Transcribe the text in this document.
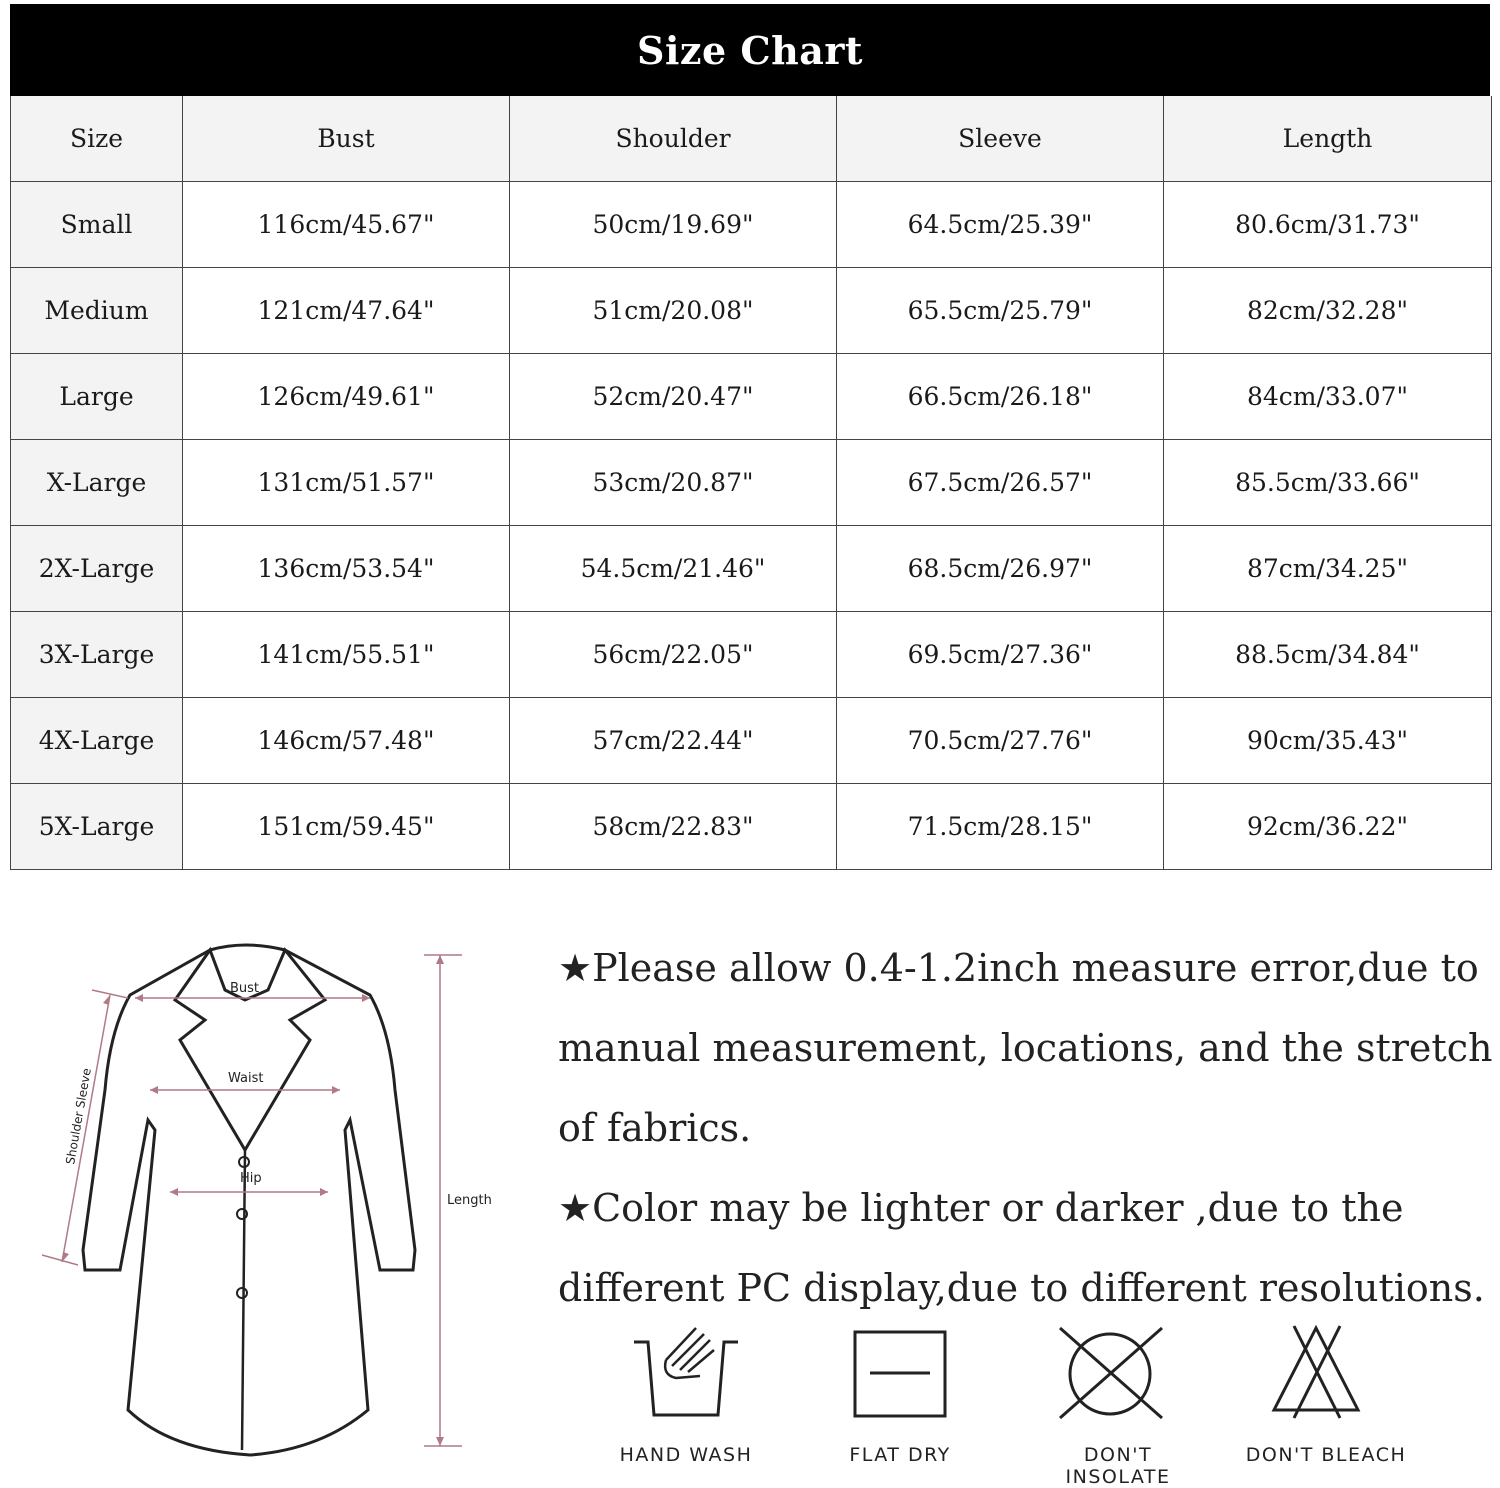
Size Chart
Size	Bust	Shoulder	Sleeve	Length
Small	116cm/45.67"	50cm/19.69"	64.5cm/25.39"	80.6cm/31.73"
Medium	121cm/47.64"	51cm/20.08"	65.5cm/25.79"	82cm/32.28"
Large	126cm/49.61"	52cm/20.47"	66.5cm/26.18"	84cm/33.07"
X-Large	131cm/51.57"	53cm/20.87"	67.5cm/26.57"	85.5cm/33.66"
2X-Large	136cm/53.54"	54.5cm/21.46"	68.5cm/26.97"	87cm/34.25"
3X-Large	141cm/55.51"	56cm/22.05"	69.5cm/27.36"	88.5cm/34.84"
4X-Large	146cm/57.48"	57cm/22.44"	70.5cm/27.76"	90cm/35.43"
5X-Large	151cm/59.45"	58cm/22.83"	71.5cm/28.15"	92cm/36.22"
Bust
Waist
Hip
Shoulder Sleeve
Length

★Please allow 0.4-1.2inch measure error,due to manual measurement, locations, and the stretch of fabrics.

★Color may be lighter or darker ,due to the different PC display,due to different resolutions.

HAND WASH	FLAT DRY	DON'T INSOLATE
DON'T BLEACH
